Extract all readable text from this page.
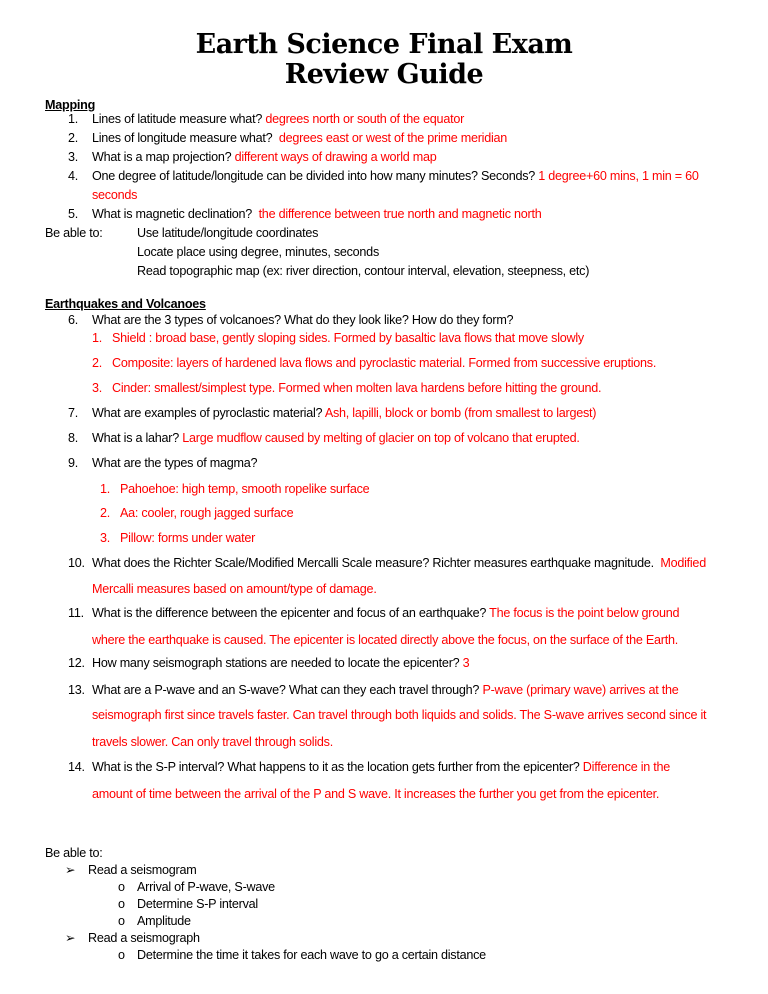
Earth Science Final Exam
Review Guide
Mapping
1. Lines of latitude measure what? degrees north or south of the equator
2. Lines of longitude measure what? degrees east or west of the prime meridian
3. What is a map projection? different ways of drawing a world map
4. One degree of latitude/longitude can be divided into how many minutes? Seconds? 1 degree+60 mins, 1 min = 60
seconds
5. What is magnetic declination? the difference between true north and magnetic north
Be able to:	Use latitude/longitude coordinates
Locate place using degree, minutes, seconds
Read topographic map (ex: river direction, contour interval, elevation, steepness, etc)
Earthquakes and Volcanoes
6. What are the 3 types of volcanoes? What do they look like? How do they form?
1. Shield : broad base, gently sloping sides. Formed by basaltic lava flows that move slowly
2. Composite: layers of hardened lava flows and pyroclastic material. Formed from successive eruptions.
3. Cinder: smallest/simplest type. Formed when molten lava hardens before hitting the ground.
7. What are examples of pyroclastic material? Ash, lapilli, block or bomb (from smallest to largest)
8. What is a lahar? Large mudflow caused by melting of glacier on top of volcano that erupted.
9. What are the types of magma?
1. Pahoehoe: high temp, smooth ropelike surface
2. Aa: cooler, rough jagged surface
3. Pillow: forms under water
10. What does the Richter Scale/Modified Mercalli Scale measure? Richter measures earthquake magnitude. Modified
Mercalli measures based on amount/type of damage.
11. What is the difference between the epicenter and focus of an earthquake? The focus is the point below ground
where the earthquake is caused. The epicenter is located directly above the focus, on the surface of the Earth.
12. How many seismograph stations are needed to locate the epicenter? 3
13. What are a P-wave and an S-wave? What can they each travel through? P-wave (primary wave) arrives at the
seismograph first since travels faster. Can travel through both liquids and solids. The S-wave arrives second since it
travels slower. Can only travel through solids.
14. What is the S-P interval? What happens to it as the location gets further from the epicenter? Difference in the
amount of time between the arrival of the P and S wave. It increases the further you get from the epicenter.
Be able to:
➢ Read a seismogram
o Arrival of P-wave, S-wave
o Determine S-P interval
o Amplitude
➢ Read a seismograph
o Determine the time it takes for each wave to go a certain distance
